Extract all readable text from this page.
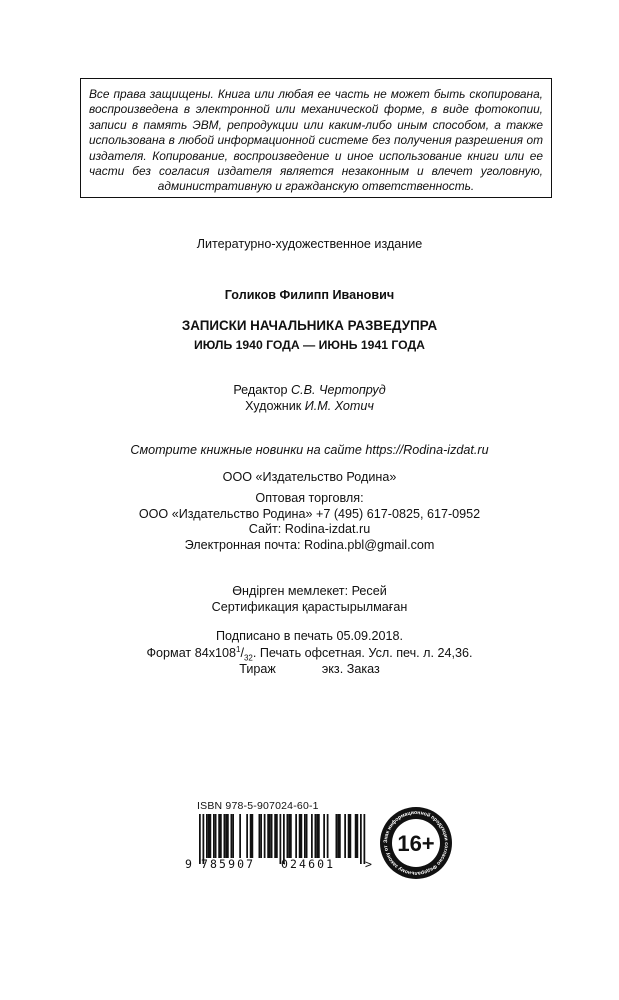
Все права защищены. Книга или любая ее часть не может быть скопирована, воспроизведена в электронной или механической форме, в виде фотокопии, записи в память ЭВМ, репродукции или каким-либо иным способом, а также использована в любой информационной системе без получения разрешения от издателя. Копирование, воспроизведение и иное использование книги или ее части без согласия издателя является незаконным и влечет уголовную, административную и гражданскую ответственность.
Литературно-художественное издание
Голиков Филипп Иванович
ЗАПИСКИ НАЧАЛЬНИКА РАЗВЕДУПРА
ИЮЛЬ 1940 ГОДА — ИЮНЬ 1941 ГОДА
Редактор С.В. Чертопруд
Художник И.М. Хотич
Смотрите книжные новинки на сайте https://Rodina-izdat.ru
ООО «Издательство Родина»
Оптовая торговля:
ООО «Издательство Родина» +7 (495) 617-0825, 617-0952
Сайт: Rodina-izdat.ru
Электронная почта: Rodina.pbl@gmail.com
Өндірген мемлекет: Ресей
Сертификация қарастырылмаған
Подписано в печать 05.09.2018.
Формат $84x108^1/_{32}$. Печать офсетная. Усл. печ. л. 24,36.
Тираж	экз. Заказ
ISBN 978-5-907024-60-1
9 785907 024601	>
Знак информационной продукции согласно Федеральному закону от 16+
